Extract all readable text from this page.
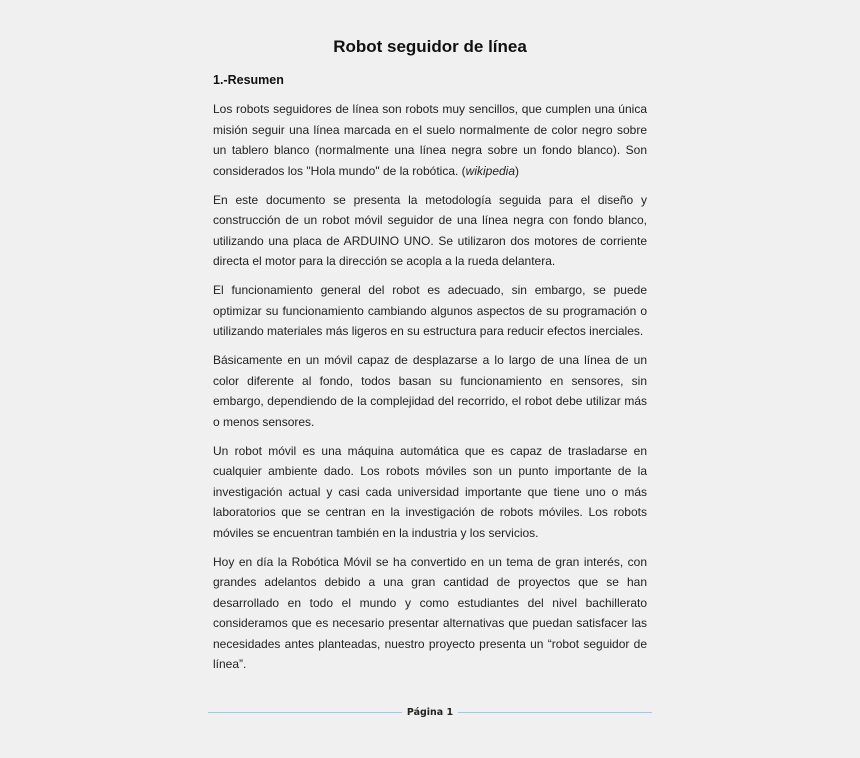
Robot seguidor de línea
1.-Resumen

Los robots seguidores de línea son robots muy sencillos, que cumplen una única misión seguir una línea marcada en el suelo normalmente de color negro sobre un tablero blanco (normalmente una línea negra sobre un fondo blanco). Son considerados los "Hola mundo" de la robótica. (wikipedia)

En este documento se presenta la metodología seguida para el diseño y construcción de un robot móvil seguidor de una línea negra con fondo blanco, utilizando una placa de ARDUINO UNO. Se utilizaron dos motores de corriente directa el motor para la dirección se acopla a la rueda delantera.

El funcionamiento general del robot es adecuado, sin embargo, se puede optimizar su funcionamiento cambiando algunos aspectos de su programación o utilizando materiales más ligeros en su estructura para reducir efectos inerciales.

Básicamente en un móvil capaz de desplazarse a lo largo de una línea de un color diferente al fondo, todos basan su funcionamiento en sensores, sin embargo, dependiendo de la complejidad del recorrido, el robot debe utilizar más o menos sensores.

Un robot móvil es una máquina automática que es capaz de trasladarse en cualquier ambiente dado. Los robots móviles son un punto importante de la investigación actual y casi cada universidad importante que tiene uno o más laboratorios que se centran en la investigación de robots móviles. Los robots móviles se encuentran también en la industria y los servicios.

Hoy en día la Robótica Móvil se ha convertido en un tema de gran interés, con grandes adelantos debido a una gran cantidad de proyectos que se han desarrollado en todo el mundo y como estudiantes del nivel bachillerato consideramos que es necesario presentar alternativas que puedan satisfacer las necesidades antes planteadas, nuestro proyecto presenta un “robot seguidor de línea”.

Página 1
